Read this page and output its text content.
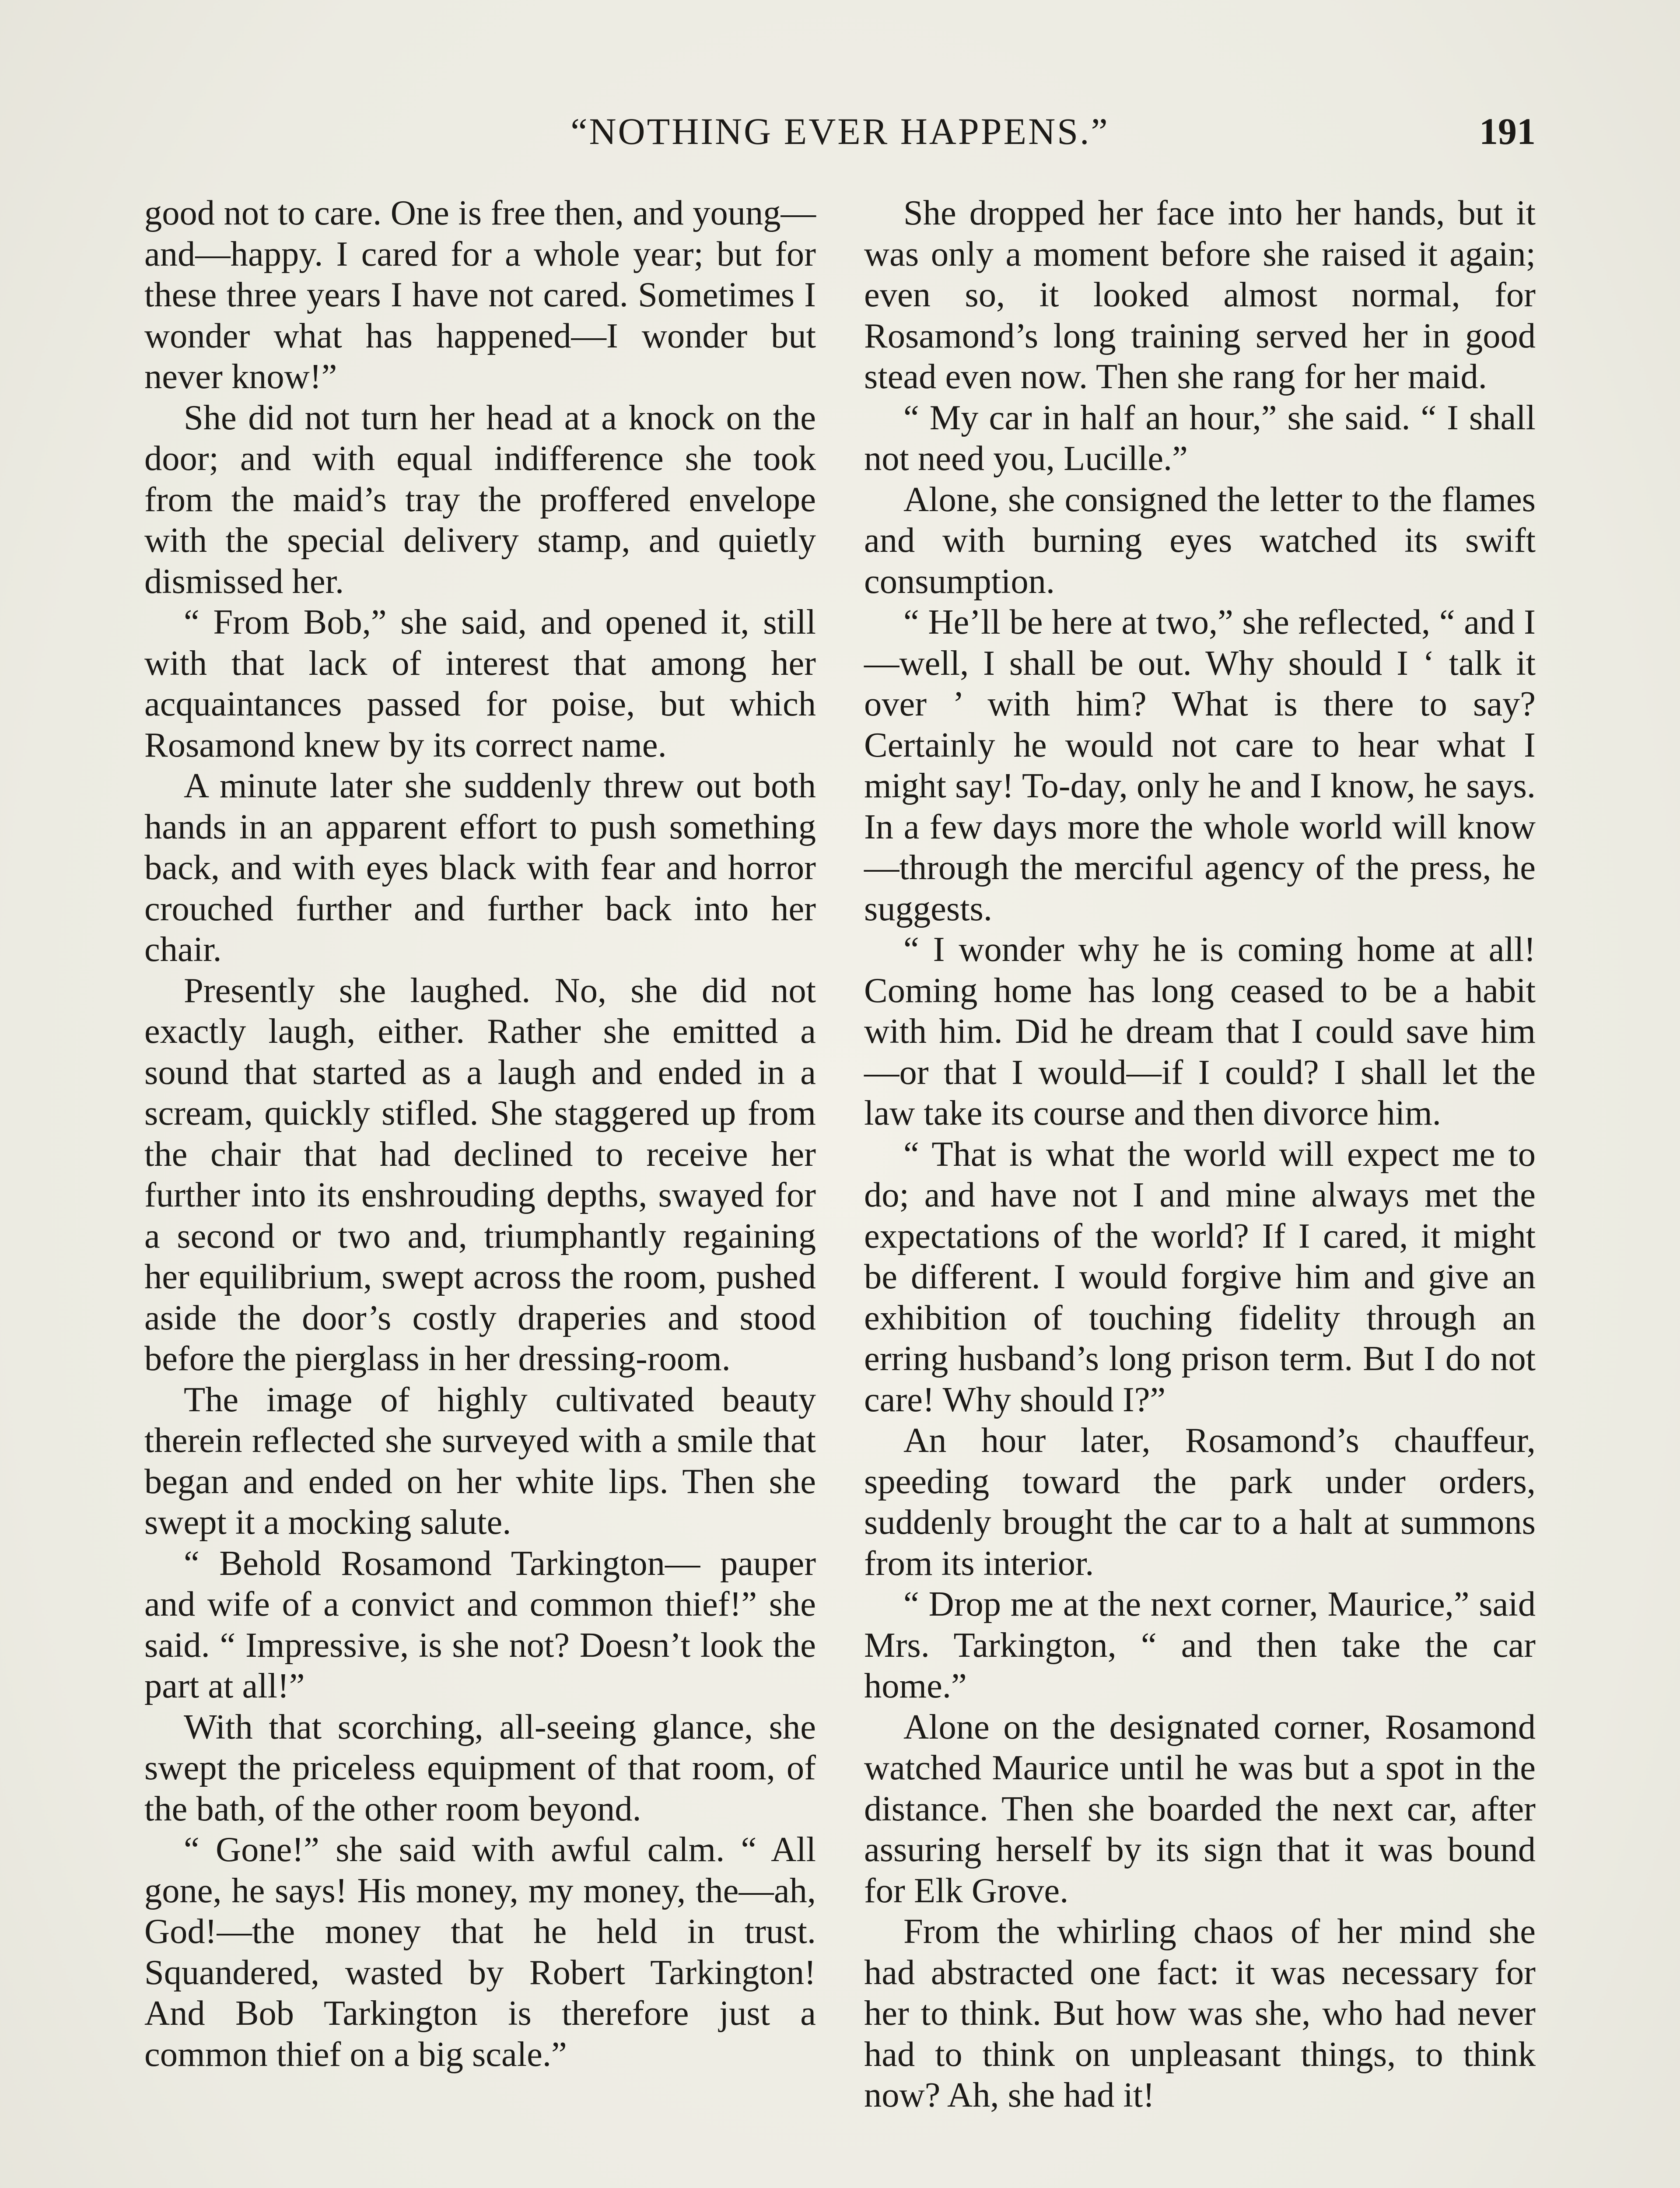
“NOTHING EVER HAPPENS.”	191

good not to care. One is free then, and young—and—happy. I cared for a whole year; but for these three years I have not cared. Sometimes I wonder what has happened—I wonder but never know!”

She did not turn her head at a knock on the door; and with equal indifference she took from the maid’s tray the proffered envelope with the special delivery stamp, and quietly dismissed her.

“ From Bob,” she said, and opened it, still with that lack of interest that among her acquaintances passed for poise, but which Rosamond knew by its correct name.

A minute later she suddenly threw out both hands in an apparent effort to push something back, and with eyes black with fear and horror crouched further and further back into her chair.

Presently she laughed. No, she did not exactly laugh, either. Rather she emitted a sound that started as a laugh and ended in a scream, quickly stifled. She staggered up from the chair that had declined to receive her further into its enshrouding depths, swayed for a second or two and, triumphantly regaining her equilibrium, swept across the room, pushed aside the door’s costly draperies and stood before the pierglass in her dressing-room.

The image of highly cultivated beauty therein reflected she surveyed with a smile that began and ended on her white lips. Then she swept it a mocking salute.

“ Behold Rosamond Tarkington— pauper and wife of a convict and common thief!” she said. “ Impressive, is she not? Doesn’t look the part at all!”

With that scorching, all-seeing glance, she swept the priceless equipment of that room, of the bath, of the other room beyond.

“ Gone!” she said with awful calm. “ All gone, he says! His money, my money, the—ah, God!—the money that he held in trust. Squandered, wasted by Robert Tarkington! And Bob Tarkington is therefore just a common thief on a big scale.”

She dropped her face into her hands, but it was only a moment before she raised it again; even so, it looked almost normal, for Rosamond’s long training served her in good stead even now. Then she rang for her maid.

“ My car in half an hour,” she said. “ I shall not need you, Lucille.”

Alone, she consigned the letter to the flames and with burning eyes watched its swift consumption.

“ He’ll be here at two,” she reflected, “ and I—well, I shall be out. Why should I ‘ talk it over ’ with him? What is there to say? Certainly he would not care to hear what I might say! To-day, only he and I know, he says. In a few days more the whole world will know—through the merciful agency of the press, he suggests.

“ I wonder why he is coming home at all! Coming home has long ceased to be a habit with him. Did he dream that I could save him—or that I would—if I could? I shall let the law take its course and then divorce him.

“ That is what the world will expect me to do; and have not I and mine always met the expectations of the world? If I cared, it might be different. I would forgive him and give an exhibition of touching fidelity through an erring husband’s long prison term. But I do not care! Why should I?”

An hour later, Rosamond’s chauffeur, speeding toward the park under orders, suddenly brought the car to a halt at summons from its interior.

“ Drop me at the next corner, Maurice,” said Mrs. Tarkington, “ and then take the car home.”

Alone on the designated corner, Rosamond watched Maurice until he was but a spot in the distance. Then she boarded the next car, after assuring herself by its sign that it was bound for Elk Grove.

From the whirling chaos of her mind she had abstracted one fact: it was necessary for her to think. But how was she, who had never had to think on unpleasant things, to think now? Ah, she had it!
